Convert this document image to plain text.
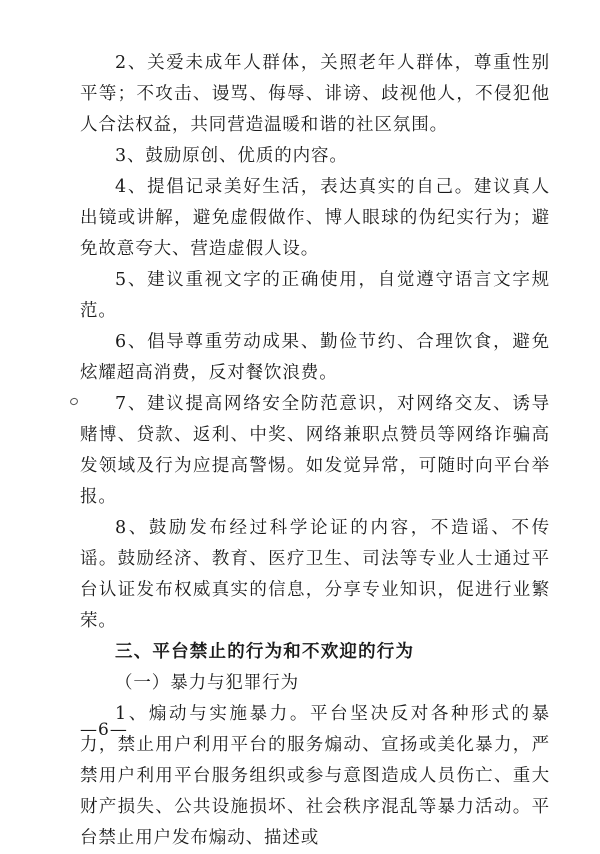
2、关爱未成年人群体，关照老年人群体，尊重性别平等；不攻击、谩骂、侮辱、诽谤、歧视他人，不侵犯他人合法权益，共同营造温暖和谐的社区氛围。

3、鼓励原创、优质的内容。

4、提倡记录美好生活，表达真实的自己。建议真人出镜或讲解，避免虚假做作、博人眼球的伪纪实行为；避免故意夸大、营造虚假人设。

5、建议重视文字的正确使用，自觉遵守语言文字规范。

6、倡导尊重劳动成果、勤俭节约、合理饮食，避免炫耀超高消费，反对餐饮浪费。

7、建议提高网络安全防范意识，对网络交友、诱导赌博、贷款、返利、中奖、网络兼职点赞员等网络诈骗高发领域及行为应提高警惕。如发觉异常，可随时向平台举报。

8、鼓励发布经过科学论证的内容，不造谣、不传谣。鼓励经济、教育、医疗卫生、司法等专业人士通过平台认证发布权威真实的信息，分享专业知识，促进行业繁荣。

三、平台禁止的行为和不欢迎的行为

（一）暴力与犯罪行为

1、煽动与实施暴力。平台坚决反对各种形式的暴力，禁止用户利用平台的服务煽动、宣扬或美化暴力，严禁用户利用平台服务组织或参与意图造成人员伤亡、重大财产损失、公共设施损坏、社会秩序混乱等暴力活动。平台禁止用户发布煽动、描述或

—6—
